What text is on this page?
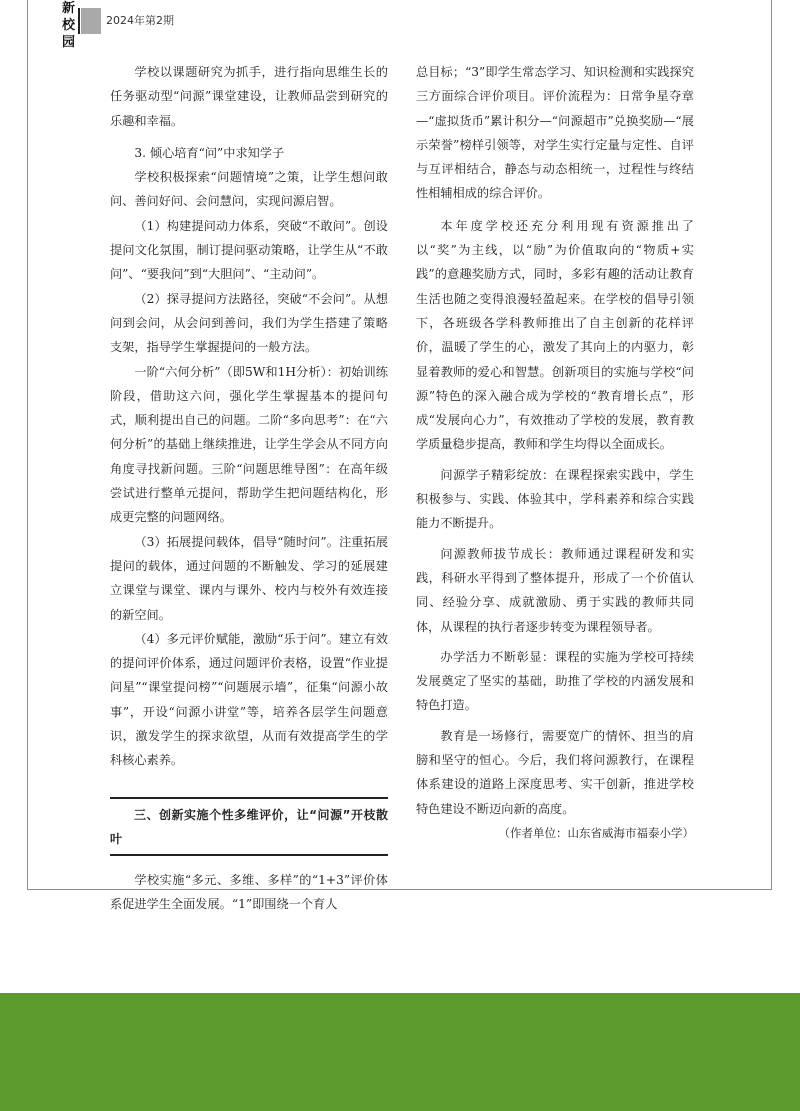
新
校
园
2024年第2期

学校以课题研究为抓手，进行指向思维生长的任务驱动型“问源”课堂建设，让教师品尝到研究的乐趣和幸福。

3. 倾心培育“问”中求知学子

学校积极探索“问题情境”之策，让学生想问敢问、善问好问、会问慧问，实现问源启智。

（1）构建提问动力体系，突破“不敢问”。创设提问文化氛围，制订提问驱动策略，让学生从“不敢问”、“要我问”到“大胆问”、“主动问”。

（2）探寻提问方法路径，突破“不会问”。从想问到会问，从会问到善问，我们为学生搭建了策略支架，指导学生掌握提问的一般方法。

一阶“六何分析”（即5W和1H分析）：初始训练阶段，借助这六问，强化学生掌握基本的提问句式，顺利提出自己的问题。二阶“多向思考”：在“六何分析”的基础上继续推进，让学生学会从不同方向角度寻找新问题。三阶“问题思维导图”：在高年级尝试进行整单元提问，帮助学生把问题结构化，形成更完整的问题网络。

（3）拓展提问载体，倡导“随时问”。注重拓展提问的载体，通过问题的不断触发、学习的延展建立课堂与课堂、课内与课外、校内与校外有效连接的新空间。

（4）多元评价赋能，激励“乐于问”。建立有效的提问评价体系，通过问题评价表格，设置“作业提问星”“课堂提问榜”“问题展示墙”，征集“问源小故事”，开设“问源小讲堂”等，培养各层学生问题意识，激发学生的探求欲望，从而有效提高学生的学科核心素养。

三、创新实施个性多维评价，让“问源”开枝散叶

学校实施“多元、多维、多样”的“1+3”评价体系促进学生全面发展。“1”即围绕一个育人

总目标；“3”即学生常态学习、知识检测和实践探究三方面综合评价项目。评价流程为：日常争星夺章—“虚拟货币”累计积分—“问源超市”兑换奖励—“展示荣誉”榜样引领等，对学生实行定量与定性、自评与互评相结合，静态与动态相统一，过程性与终结性相辅相成的综合评价。

本年度学校还充分利用现有资源推出了以“奖”为主线，以“励”为价值取向的“物质+实践”的意趣奖励方式，同时，多彩有趣的活动让教育生活也随之变得浪漫轻盈起来。在学校的倡导引领下，各班级各学科教师推出了自主创新的花样评价，温暖了学生的心，激发了其向上的内驱力，彰显着教师的爱心和智慧。创新项目的实施与学校“问源”特色的深入融合成为学校的“教育增长点”，形成“发展向心力”，有效推动了学校的发展，教育教学质量稳步提高，教师和学生均得以全面成长。

问源学子精彩绽放：在课程探索实践中，学生积极参与、实践、体验其中，学科素养和综合实践能力不断提升。

问源教师拔节成长：教师通过课程研发和实践，科研水平得到了整体提升，形成了一个价值认同、经验分享、成就激励、勇于实践的教师共同体，从课程的执行者逐步转变为课程领导者。

办学活力不断彰显：课程的实施为学校可持续发展奠定了坚实的基础，助推了学校的内涵发展和特色打造。

教育是一场修行，需要宽广的情怀、担当的肩膀和坚守的恒心。今后，我们将问源教行，在课程体系建设的道路上深度思考、实干创新，推进学校特色建设不断迈向新的高度。

（作者单位：山东省威海市福泰小学）
